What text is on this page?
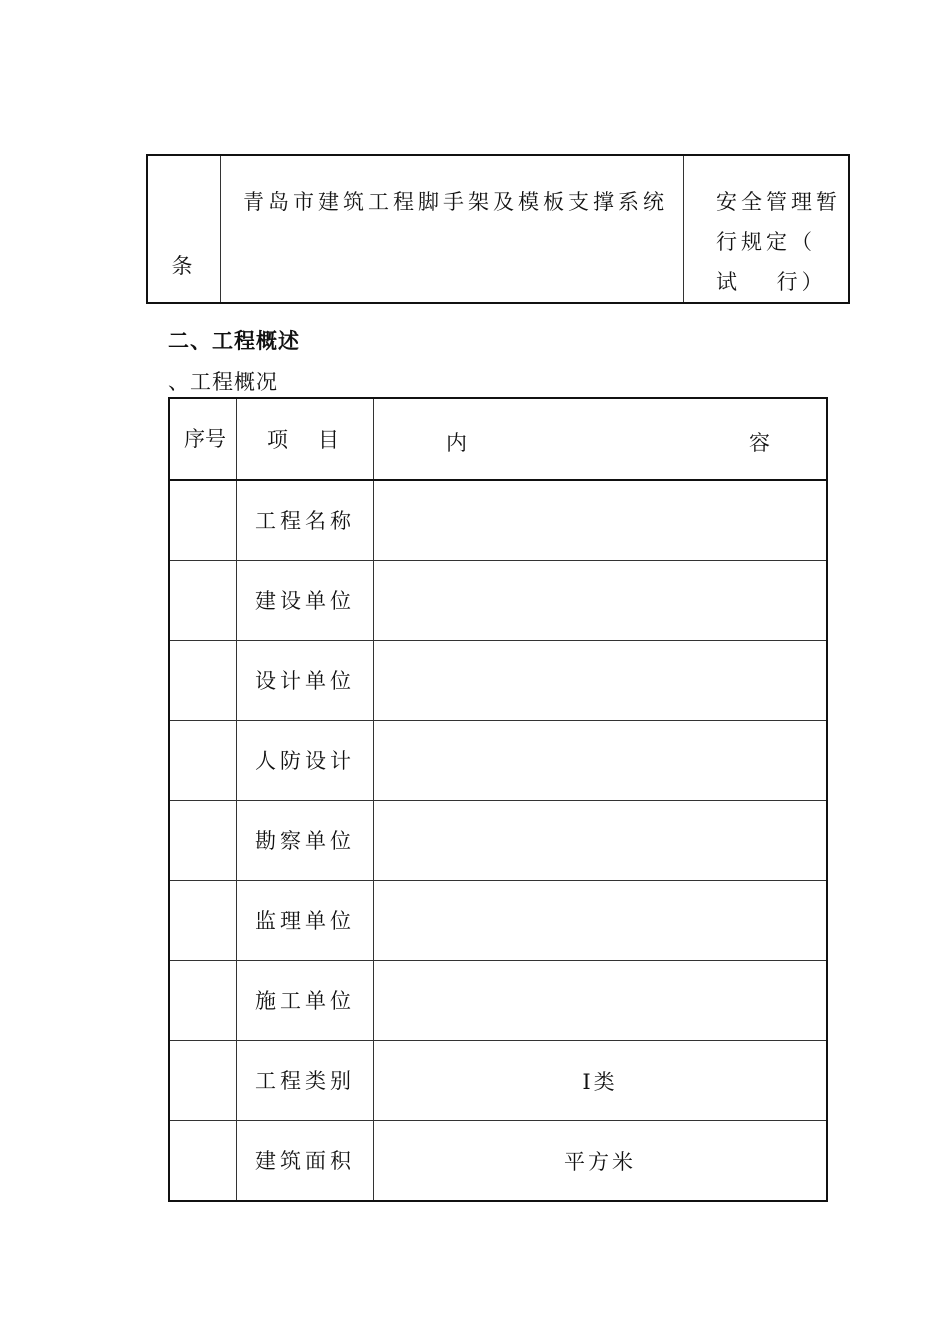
条	青岛市建筑工程脚手架及模板支撑系统	安全管理暂行规定（ 试　 行）
二、工程概述

、工程概况

序号	项目	内 容

	工程名称	
	建设单位	
	设计单位	
	人防设计	
	勘察单位	
	监理单位	
	施工单位	
	工程类别	Ⅰ类
	建筑面积	平方米
